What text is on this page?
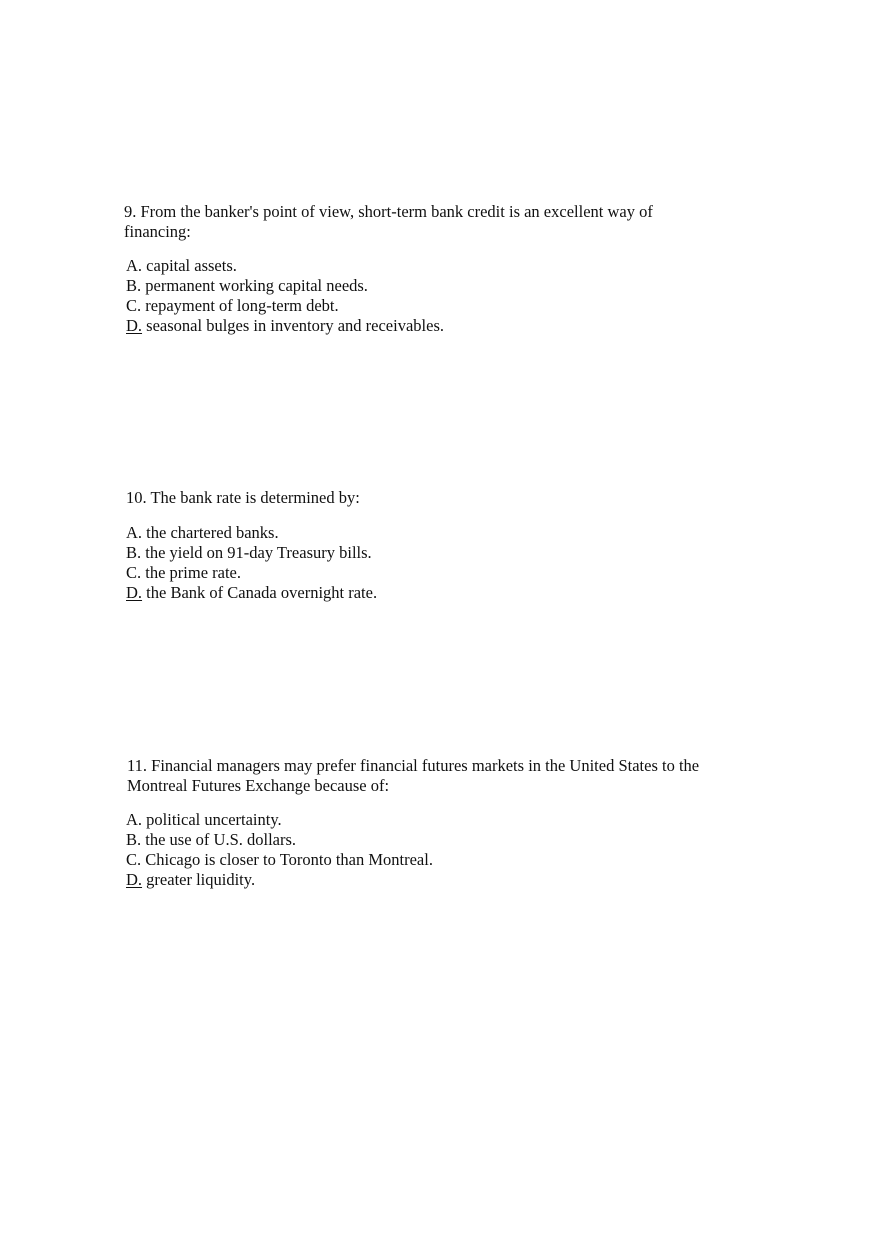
9. From the banker's point of view, short-term bank credit is an excellent way of
financing:

A. capital assets.
B. permanent working capital needs.
C. repayment of long-term debt.
D. seasonal bulges in inventory and receivables.

10. The bank rate is determined by:

A. the chartered banks.
B. the yield on 91-day Treasury bills.
C. the prime rate.
D. the Bank of Canada overnight rate.

11. Financial managers may prefer financial futures markets in the United States to the
Montreal Futures Exchange because of:

A. political uncertainty.
B. the use of U.S. dollars.
C. Chicago is closer to Toronto than Montreal.
D. greater liquidity.
